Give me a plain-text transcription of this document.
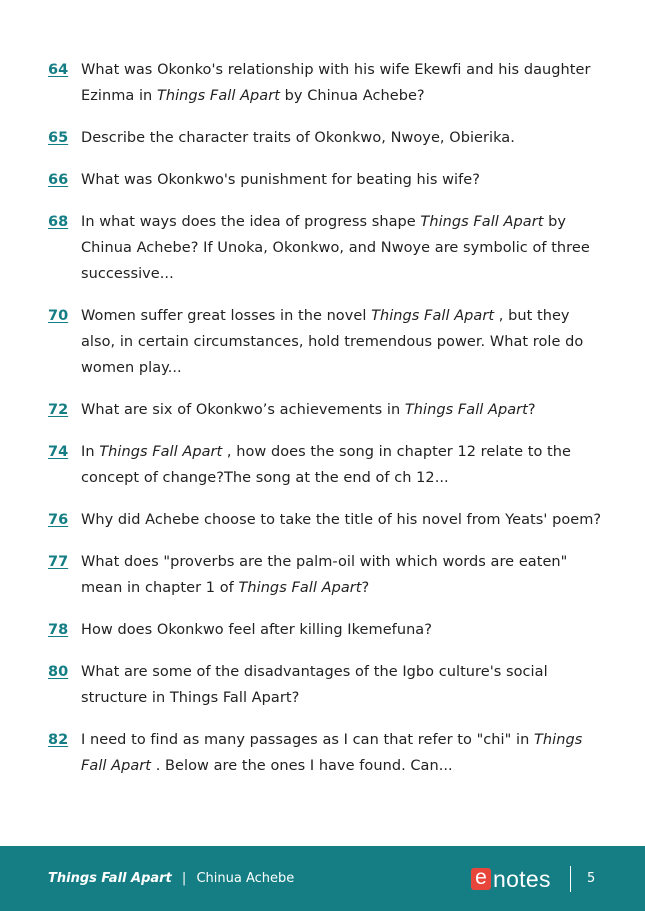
64 What was Okonko's relationship with his wife Ekewfi and his daughter Ezinma in Things Fall Apart by Chinua Achebe?
65 Describe the character traits of Okonkwo, Nwoye, Obierika.
66 What was Okonkwo's punishment for beating his wife?
68 In what ways does the idea of progress shape Things Fall Apart by Chinua Achebe? If Unoka, Okonkwo, and Nwoye are symbolic of three successive...
70 Women suffer great losses in the novel Things Fall Apart , but they also, in certain circumstances, hold tremendous power. What role do women play...
72 What are six of Okonkwo’s achievements in Things Fall Apart?
74 In Things Fall Apart , how does the song in chapter 12 relate to the concept of change?The song at the end of ch 12...
76 Why did Achebe choose to take the title of his novel from Yeats' poem?
77 What does "proverbs are the palm-oil with which words are eaten" mean in chapter 1 of Things Fall Apart?
78 How does Okonkwo feel after killing Ikemefuna?
80 What are some of the disadvantages of the Igbo culture's social structure in Things Fall Apart?
82 I need to find as many passages as I can that refer to "chi" in Things Fall Apart . Below are the ones I have found. Can...
Things Fall Apart | Chinua Achebe	e notes	5
